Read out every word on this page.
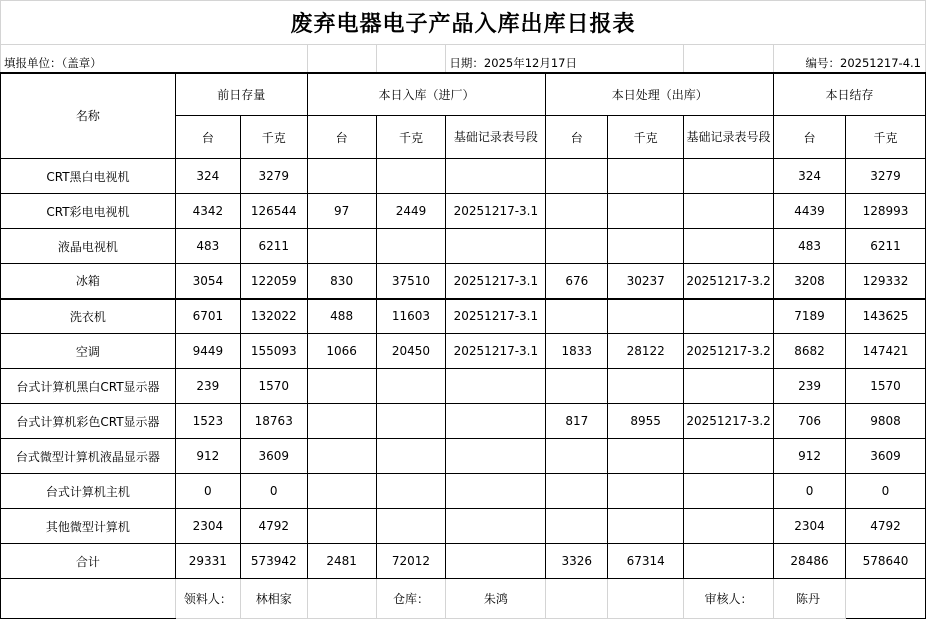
废弃电器电子产品入库出库日报表										
填报单位：（盖章）					日期：2025年12月17日				编号：20251217-4.1	
名称	前日存量		本日入库（进厂）			本日处理（出库）			本日结存	
	台	千克	台	千克	基础记录表号段	台	千克	基础记录表号段	台	千克
CRT黑白电视机	324	3279							324	3279
CRT彩电电视机	4342	126544	97	2449	20251217-3.1				4439	128993
液晶电视机	483	6211							483	6211
冰箱	3054	122059	830	37510	20251217-3.1	676	30237	20251217-3.2	3208	129332
洗衣机	6701	132022	488	11603	20251217-3.1				7189	143625
空调	9449	155093	1066	20450	20251217-3.1	1833	28122	20251217-3.2	8682	147421
台式计算机黑白CRT显示器	239	1570							239	1570
台式计算机彩色CRT显示器	1523	18763				817	8955	20251217-3.2	706	9808
台式微型计算机液晶显示器	912	3609							912	3609
台式计算机主机	0	0							0	0
其他微型计算机	2304	4792							2304	4792
合计	29331	573942	2481	72012		3326	67314		28486	578640
	领料人：	林相家		仓库：	朱鸿			审核人：	陈丹	
